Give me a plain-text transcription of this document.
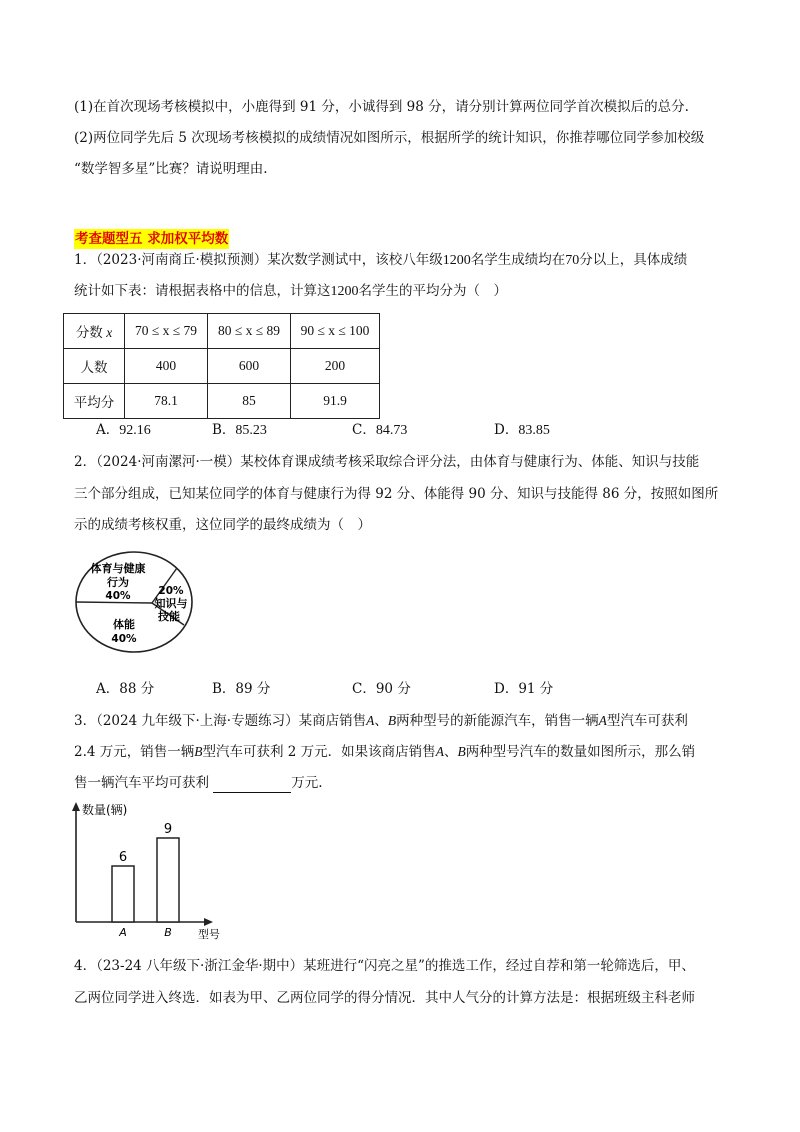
(1)在首次现场考核模拟中，小鹿得到 91 分，小诚得到 98 分，请分别计算两位同学首次模拟后的总分.
(2)两位同学先后 5 次现场考核模拟的成绩情况如图所示，根据所学的统计知识，你推荐哪位同学参加校级
“数学智多星”比赛？请说明理由.
考查题型五 求加权平均数
1．（2023·河南商丘·模拟预测）某次数学测试中，该校八年级1200名学生成绩均在70分以上，具体成绩
统计如下表：请根据表格中的信息，计算这1200名学生的平均分为（　）
分数 x	70 ≤ x ≤ 79	80 ≤ x ≤ 89	90 ≤ x ≤ 100
人数	400	600	200
平均分	78.1	85	91.9
A．92.16	B．85.23	C．84.73	D．83.85
2．（2024·河南漯河·一模）某校体育课成绩考核采取综合评分法，由体育与健康行为、体能、知识与技能
三个部分组成，已知某位同学的体育与健康行为得 92 分、体能得 90 分、知识与技能得 86 分，按照如图所
示的成绩考核权重，这位同学的最终成绩为（　）
体育与健康
行为
40%	20%
知识与
技能
体能
40%
A．88 分	B．89 分	C．90 分	D．91 分
3．（2024 九年级下·上海·专题练习）某商店销售A、B两种型号的新能源汽车，销售一辆A型汽车可获利
2.4 万元，销售一辆B型汽车可获利 2 万元．如果该商店销售A、B两种型号汽车的数量如图所示，那么销
售一辆汽车平均可获利	万元.
数量(辆)
型号
6
A
9
B
4．（23-24 八年级下·浙江金华·期中）某班进行“闪亮之星”的推选工作，经过自荐和第一轮筛选后，甲、
乙两位同学进入终选．如表为甲、乙两位同学的得分情况．其中人气分的计算方法是：根据班级主科老师
